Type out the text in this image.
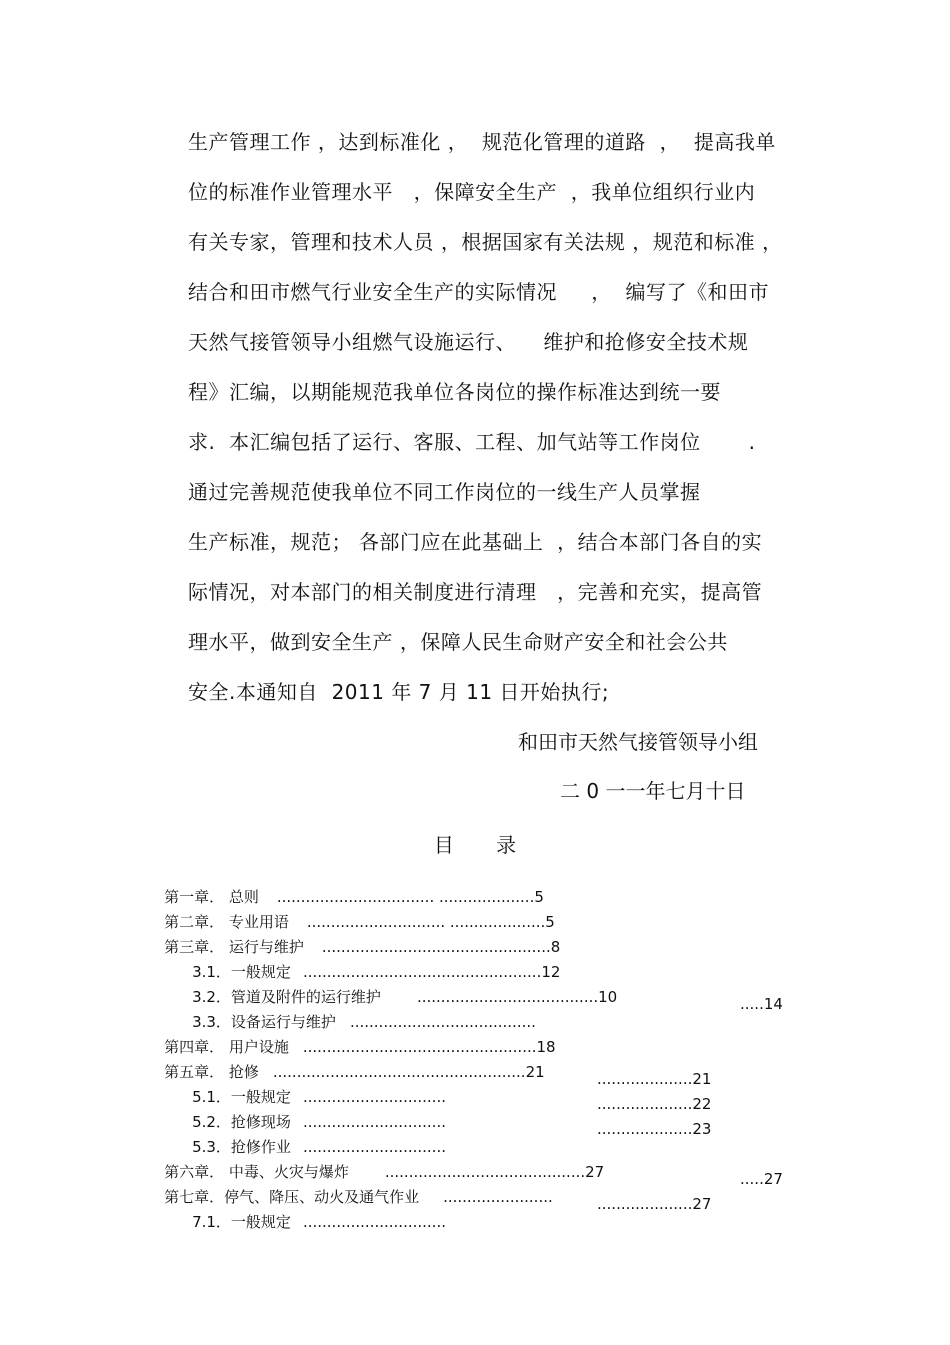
生产管理工作 ，达到标准化 ，  规范化管理的道路  ，  提高我单
位的标准作业管理水平   ，保障安全生产  ，我单位组织行业内
有关专家，管理和技术人员 ，根据国家有关法规 ，规范和标准 ，
结合和田市燃气行业安全生产的实际情况     ，  编写了《和田市
天然气接管领导小组燃气设施运行、    维护和抢修安全技术规
程》汇编，以期能规范我单位各岗位的操作标准达到统一要
求.  本汇编包括了运行、客服、工程、加气站等工作岗位       .
通过完善规范使我单位不同工作岗位的一线生产人员掌握
生产标准，规范； 各部门应在此基础上  ，结合本部门各自的实
际情况，对本部门的相关制度进行清理   ，完善和充实，提高管
理水平，做到安全生产 ，保障人民生命财产安全和社会公共
安全.本通知自  2011 年 7 月 11 日开始执行;
和田市天然气接管领导小组
二 0 一一年七月十日
目 录

第一章． 总则 ................................. ....................5

第二章． 专业用语 ............................. ....................5

第三章． 运行与维护 ................................................8

3.1．一般规定 ..................................................12

3.2．管道及附件的运行维护 ......................................10

3.3．设备运行与维护 .......................................

.....14

第四章． 用户设施 .................................................18

第五章． 抢修 .....................................................21

5.1．一般规定 ..............................

....................21

5.2．抢修现场 ..............................

....................22

5.3．抢修作业 ..............................

....................23

第六章． 中毒、火灾与爆炸 ..........................................27

第七章．停气、降压、动火及通气作业 .......................

.....27

7.1．一般规定 ..............................

....................27
